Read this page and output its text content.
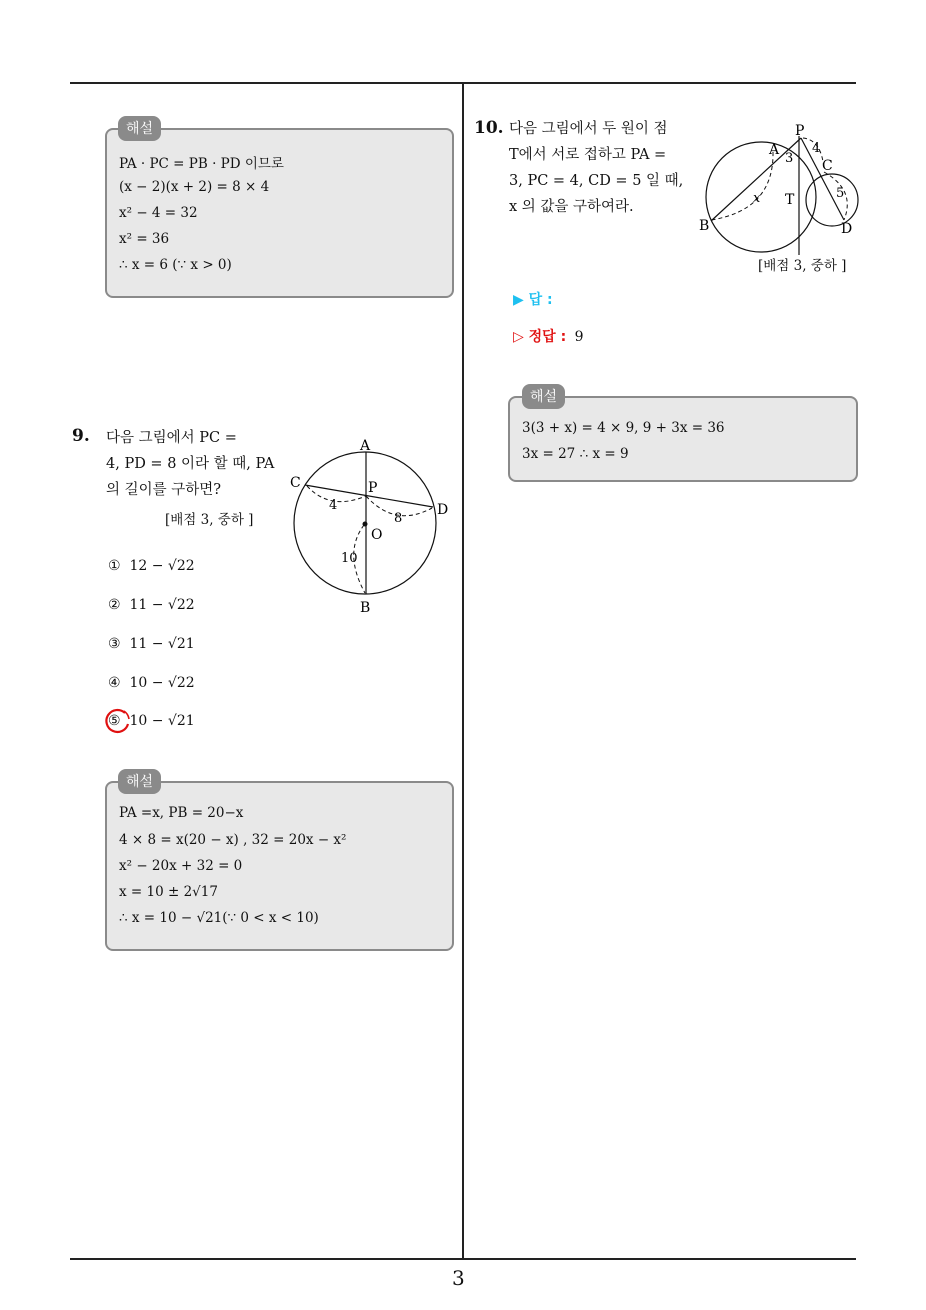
3
PA · PC = PB · PD 이므로
(x − 2)(x + 2) = 8 × 4
x² − 4 = 32
x² = 36
∴ x = 6 (∵ x > 0)
해설
9. 다음 그림에서 PC =
4, PD = 8 이라 할 때, PA
의 길이를 구하면?
[배점 3, 중하 ]
① 12 − √22
② 11 − √22
③ 11 − √21
④ 10 − √22
⑤ 10 − √21
A
B
C
D
P
O
4
8
10
PA =x, PB = 20−x
4 × 8 = x(20 − x) , 32 = 20x − x²
x² − 20x + 32 = 0
x = 10 ± 2√17
∴ x = 10 − √21(∵ 0 < x < 10)
해설
10. 다음 그림에서 두 원이 점
T에서 서로 접하고 PA =
3, PC = 4, CD = 5 일 때,
x 의 값을 구하여라.
P
A
3
4
C
T	5
x
B	D
[배점 3, 중하 ]
▶ 답 :
▷ 정답 : 9
3(3 + x) = 4 × 9, 9 + 3x = 36
3x = 27 ∴ x = 9
해설
